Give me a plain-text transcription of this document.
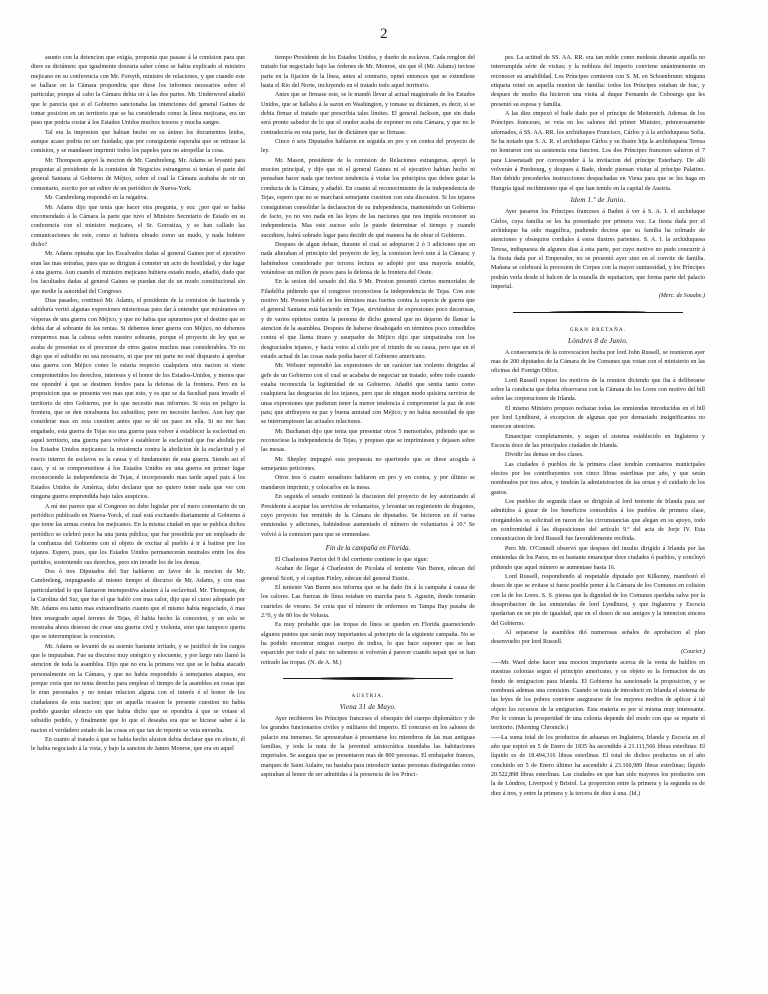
2

asunto con la detencion que exigia, proponia que pasase á la comision para que diere su dictámen: que igualmente desearia saber cómo se habia explicado el ministro mejicano en su conferencia con Mr. Forsyth, ministro de relaciones, y que cuando este se hallase en la Cámara propondria que diese los informes necesarios sobre el particular, porque al cabo la Cámara debia oir á las dos partes. Mr. Underwood añadió que le parecia que si el Gobierno sancionaba las intenciones del general Gaines de tomar posicion en un territorio que se ha considerado como la línea mejicana, era un paso que podria costar á los Estados Unidos muchos tesoros y mucha sangre.

Tal era la impresion que habian hecho en su ánimo los documentos leidos, aunque acaso podria no ser fundada; que por consiguiente esperaba que se retirase la comision, y se mandasen imprimir todos los papeles para no atropellar la cosa.

Mr. Thompson apoyó la mocion de Mr. Cambreleng. Mr. Adams se levantó para preguntar al presidente de la comision de Negocios estrangeros si tenian el parte del general Santana al Gobierno de Méjico, sobre el cual la Cámara acababa de oir un comentario, escrito por un editor de un periódico de Nueva-York.

Mr. Cambreleng respondió en la negativa.

Mr. Adams dijo que tenia que hacer otra pregunta, y era: ¿por qué se habia encomendado á la Cámara la parte que tuvo el Ministro Secretario de Estado en su conferencia con el ministro mejicano, el Sr. Gorostiza, y se han callado las comunicaciones de este, como si hubiera obrado como un mudo, y nada hubiere dicho?

Mr. Adams opinaba que los Escalvados dadas al general Gaines por el ejecutivo eran las mas estrañas, pues que se dirigian á cometer un acto de hostilidad, y dar lugar á una guerra. Aun cuando el ministro mejicano hubiera estado mudo, añadió, dudo que los facultades dadas al general Gaines se puedan dar de un modo constitucional sin que medie la autoridad del Congreso.

Dias pasados, continuó Mr. Adams, el presidente de la comision de hacienda y sabiduría vertió algunas expresiones misteriosas para dar á entender que miráramos en vísperas de una guerra con Méjico, y que no habia que apurarnos por el destino que se debia dar al sobrante de las rentas. Si debemos tener guerra con Méjico, no debemos rompernos mas la cabeza sobre nuestro sobrante, porque el proyecto de ley que se acaba de presentar es el precursor de otros gastos muchos mas considerables. Yo no digo que el subsidio no sea necesario, ni que por mi parte no esté dispuesto á aprobar una guerra con Méjico como lo estaria respecto cualquiera otra nacion si viene comprometidos los derechos, intereses y el honor de los Estados-Unidos, y menos que me opondré á que se destinen fondos para la defensa de la frontera. Pero en la proposicion que se presenta veo mas que esto, y es que se da facultad para invadir el territorio de otro Gobierno, por lo que necesito mas informes. Si esta en peligro la frontera, que se den norabuena los subsidios; pero no necesito hechos. Aun hay que considerar mas en esta cuestion antes que se dé un paso en ella. Si no me han engañado, esta guerra de Tejas era una guerra para volver á establecer la esclavitud en aquel territorio, una guerra para volver á establecer la esclavitud que fue abolida por los Estados Unidos mejicanos: la resistencia contra la abolicion de la esclavitud y el rescio interno de esclavos es la causa y el fundamento de esta guerra. Siendo asi el caso, y si se comprometiese á los Estados Unidos en una guerra en primer lugar reconociendo la independencia de Tejas, é incorporando mas tarde aquel pais á los Estados Unidos de América, debo declarar que no quiero tener nada que ver con ninguna guerra emprendida bajo tales auspicios.

A mí me parece que el Congreso no debe legislar por el mero comentario de un periódico publicado en Nueva-Yorck, el cual está excitando diariamente al Gobierno á que tome las armas contra los mejicanos. En la misma ciudad en que se publica dichos periódico se celebró poco ha una junta pública; que fue presidida por un empleado de la confianza del Gobierno con el objeto de excitar al pueblo á ir á batirse por los tejanos. Espero, pues, que los Estados Unidos permanecerán neutrales entre los dos partidos, sosteniendo sus derechos, pero sin invadir los de los demas.

Dos ó tres Diputados del Sur hablaron en favor de la mocion de Mr. Cambreleng, impugnando al mismo tiempo el discurso de Mr. Adams, y con mas particularidad lo que llamaron intempestiva alusion á la esclavitud. Mr. Thompson, de la Carolina del Sur, que fue el que habló con mas calor, dijo que el curso adoptado por Mr. Adams era tanto mas extraordinario cuanto que el mismo habia negociado, ó mas bien ensegrado aquel terreno de Tejas, él habia hecho la concesion, y un solo se mostraba ahora deseoso de crear una guerra civil y violenta, sino que tampoco queria que se interrumpiese la concesion.

Mr. Adams se levantó de su asiento bastante irritado, y se justificó de los cargos que le imputaban. Fue su discurso muy enérgico y elocuente, y por largo rato llamó la atencion de toda la asamblea. Dijo que no era la primera vez que se le habia atacado personalmente en la Cámara, y que no habia respondido á semejantes ataques, era porque creia que no tenia derecho para emplear el tiempo de la asamblea en cosas que le eran personales y no tenian relacion alguna con el interés é el honor de los ciudadanos de esta nacion; que en aquella ocasion le presente cuestion no habia podido guardar silencio sin que habia dicho que se opondria á que se votase el subsidio pedido, y finalmente que lo que el deseaba era que se hiciese saber á la nacion el verdadero estado de las cosas en que tan de repente se veia envuelta.

En cuanto al tratado á que se habia hecho alusion debia declarar que en efecto, él le habia negociado á la vista, y bajo la sancion de James Monroe, que era en aquel

tiempo Presidente de los Estados Unidos, y dueño de esclavos. Cada renglon del tratado fue negociado bajo las órdenes de Mr. Monroe, sin que él (Mr. Adams) tuviese parte en la fijacion de la línea, antes al contrario, opinó entonces que se extendiese hasta el Rio del Norte, incluyendo en el tratado todo aquel territorio.

Antes que se firmase este, se le mandó llevar al actual magistrado de los Estados Unidos, que se hallaba á la sazon en Washington, y tomase su dictámen, es decir, si se debia firmar el tratado que prescribia tales límites. El general Jackson, que sin duda será pronto sabedor de lo que el orador acaba de exponer en esta Cámara, y que no le contradeciría en esta parte, fue de dictámen que se firmase.

Cinco ó seis Diputados hablaron en seguida en pro y en contra del proyecto de ley.

Mr. Mason, presidente de la comision de Relaciones estrangeras, apoyó la mocion principal, y dijo que ni el general Gaines ni el ejecutivo habian hecho ni pensaban hacer nada que tuviese tendencia á violar los principios que deben guiar la conducta de la Cámara, y añadió. En cuanto al reconocimiento de la independencia de Tejas, espero que no se marchará semejante cuestion con esta discusion. Si los tejanos consiguieran consolidar la declaracion de su independencia, manteniéndo un Gobierno de facto, yo no veo nada en las leyes de las naciones que nos impida reconocer su independencia. Mas este suceso solo le puede determinar el tiempo y cuando sucediere, habrá sobrado lugar para decidir de qué manera ha de obrar el Gobierno.

Despues de algun debate, durante el cual se adoptaron 2 ó 3 adiciones que en nada alteraban el principio del proyecto de ley, la comision levó este á la Cámara; y habiéndose considerado por tercera lectura se adoptó por una mayoría notable, votándose un millon de pesos para la defensa de la frontera del Oeste.

En la sesion del senado del dia 9 Mr. Preston presentó ciertos memoriales de Filadelfia pidiendo que el congreso reconociese la independencia de Tejas. Con este motivo Mr. Preston habló en los términos mas fuertes contra la especie de guerra que el general Santana está haciendo en Tejas, sirviéndose de expresiones poco decorosas, y de varios epítetos contra la persona de dicho general que no dejaron de llamar la atencion de la asamblea. Despues de haberse desahogado en términos poco comedidos contra el que llama tirano y usurpador de Méjico dijo que simpatizaba con los desgraciados tejanos, y hacia votos al cielo por el triunfo de su causa, pero que en el estado actual de las cosas nada podia hacer el Gobierno americano.

Mr. Webster reprendió las expresiones de un carácter tan violento dirigidas al gefe de un Gobierno con el cual se acababa de negociar un tratado, sobre todo cuando estaba reconocida la legitimidad de su Gobierno. Añadió que sentia tanto como cualquiera las desgracias de los tejanos, pero que de ningun modo quisiera servirse de unas expresiones que pudieran tener la menor tendencia á comprometer la paz de este pais; que atribuyera su paz y buena amistad con Méjico; y no habia necesidad de que se interrumpiesen las actuales relaciones.

Mr. Buchanan dijo que tenia que presentar otros 5 memoriales, pidiendo que se reconociese la independencia de Tejas, y propuso que se imprimiesen y dejasen sobre las mesas.

Mr. Shepley impugnó esta propuesta no queriendo que se diese acogida á semejantes peticiones.

Otros tres ó cuatro senadores hablaron en pro y en contra, y por último se mandaron imprimir, y colocarlos en la mesa.

En seguida el senado continuó la discusion del proyecto de ley autorizando al Presidente á aceptar los servicios de voluntarios, y levantar un regimiento de dragones, cuyo proyecto fue remitido de la Cámara de diputados. Se hicieron en él varias enmiendas y adiciones, habiéndose aumentado el número de voluntarios á 10.º Se volvió á la comision para que se enmendase.

Fin de la campaña en Florida.

El Charleston Patriot del 9 del corriente contiene lo que sigue:

Acaban de llegar á Charleston de Picolata el teniente Van Buren, edecan del general Scott, y el capitan Finley, edecan del general Eustin.

El teniente Van Buren nos informa que se ha dado fin á la campaña á causa de los calores. Las fuerzas de línea estaban en marcha para S. Agustin, donde tomarán cuarteles de verano. Se creia que el número de enfermos en Tampa Bay pasaba de 2.º0, y de 80 los de Volusia.

Es muy probable que las tropas de línea se queden en Florida guarneciendo algunos puntos que serán muy importantes al principio de la siguiente campaña. No se ha podido encontrar ningun cuerpo de indios, lo que hace suponer que se han esparcido por todo el pais: no sabemos si volverán á parecer cuando sepan que se han retirado las tropas. (N. de A. M.)

AUSTRIA.
Viena 31 de Mayo.

Ayer recibieron los Príncipes franceses el obsequio del cuerpo diplomático y de los grandes funcionarios civiles y militares del imperio. El concurso en los salones de palacio era inmenso. Se apresuraban á presentarse los miembros de las mas antiguas familias, y toda la nata de la juventud aristocrática inundaba las habitaciones imperiales. Se asegura que se presentaron mas de 800 personas. El embajador frances, marques de Saint Aulaire, no bastaba para introducir tantas personas distinguidas como aspiraban al honor de ser admitidas á la presencia de los Prínci-

pes. La actitud de SS. AA. RR. era tan noble como modesta durante aquella no interrumpida série de visitas; y la nobleza del imperio conviene unánimemente en reconocer su amabilidad. Los Príncipes comieron con S. M. en Schoenbrunn: ninguna etiqueta reinó en aquella reunion de familia: todos los Príncipes estaban de frac, y despues de medio dia hicieron una visita al duque Fernando de Cobourgo que les presentó su esposa y familia.

A las diez empezó el baile dado por el príncipe de Metternich. Ademas de los Príncipes franceses, se veia en los salones del primer Ministro, primorosamente adornados, á SS. AA. RR. los archiduques Francisco, Cárlos y á la archiduquesa Sofia. Se ha notado que S. A. R. el archiduque Cárlos y su ilustre hija la archiduquesa Teresa no honraron con su asistencia esta funcion. Los dos Príncipes franceses salieron el 7 para Liesenstadt por corresponder á la invitacion del príncipe Esterhazy. De allí volverán á Presbourg, y despues á Bade, donde piensan visitar al príncipe Palatino. Han debido precederles instrucciones despachadas en Viena para que se les haga en Hungría igual recibimiento que el que han tenido en la capital de Austria.

Idem 1.º de Junio.

Ayer pasaron los Príncipes franceses á Baden á ver á S. A. I. el archiduque Cárlos, cuya familia se les ha presentado por primera vez. La fiesta dada por el archiduque ha sido magnífica, pudiendo decirse que su familia ha colmado de atenciones y obsequios cordiales á estos ilustres parientes. S. A. I. la archiduquesa Teresa, indispuesta de algunos dias á esta parte, por cuyo motivo no pudo concurrir á la fiesta dada por el Emperador, no se presentó ayer sino en el convite de familia. Mañana se celebrará la procesion de Corpus con la mayor suntuosidad, y los Príncipes podrán verla desde el balcon de la muralla de equitacion, que forma parte del palacio imperial.

(Merc. de Souabe.)
GRAN BRETAÑA.
Lóndres 8 de Junio.

A consecuencia de la convocacion hecha por lord John Russell, se reunieron ayer mas de 200 diputados de la Cámara de los Comunes que votan con el ministerio en las oficinas del Foreign Office.

Lord Russell expuso los motivos de la reunion diciendo que iba á deliberarse sobre la conducta que debia observarse con la Cámara de los Lores con motivo del bill sobre las corporaciones de Irlanda.

El mismo Ministro propuso rechazar todas las enmiendas introducidas en el bill por lord Lyndhurst, á excepcion de algunas que por demasiado insignificantes no merecen atencion.

Emancipar completamente, y segun el sistema establecido en Inglaterra y Escocia doce de las principales ciudades de Irlanda.

Dividir las demas en dos clases.

Las ciudades ó pueblos de la primera clase tendrán comisarios municipales electos por los contribuyentes con cinco libras esterlinas por año, y que serán nombrados por tres años, y tendrán la administracion de las ornas y el cuidado de los gastos.

Los pueblos de segunda clase se dirigirán al lord teniente de Irlanda para ser admitidos á gozar de los beneficios concedidos á los pueblos de primera clase, otorgándoles su solicitud en razon de las circunstancias que alegan en su apoyo, todo en conformidad á las disposiciones del artículo 9.º del acta de Jorje IV. Esta comunicacion de lord Russell fue favorablemente recibida.

Pero Mr. O'Connell observó que despues del insulto dirigido á Irlanda por las enmiendas de los Pares, no es bastante emancipar doce ciudades ó pueblos, y concluyó pidiendo que aquel número se aumentase hasta 16.

Lord Russell, respondiendo al respetable diputado por Kilkenny, manifestó el deseo de que se evitase si fuese posible poner á la Cámara de los Comunes en colision con la de los Lores. S. S. piensa que la dignidad de los Comunes quedaba salva por la desaprobacion de las enmiendas de lord Lyndhurst, y que Inglaterra y Escocia quedarian en un pie de igualdad, que en el deseo de sus amigos y la intencion sincera del Gobierno.

Al separarse la asamblea dió numerosas señales de aprobacion al plan desenvuelto por lord Russell.

(Courier.)

—— Mr. Ward debe hacer una mocion importante acerca de la venta de baldios en nuestras colonias segun el principio americano, y su objeto es la formacion de un fondo de emigracion para Irlanda. El Gobierno ha sancionado la proposicion, y se nombrará ademas una comision. Cuando se trata de introducir en Irlanda el sistema de las leyes de los pobres conviene asegurarse de los mejores medios de aplicar á tal objeto los recursos de la emigracion. Esta materia es por sí misma muy interesante. Por lo comun la prosperidad de una colonia depende del modo con que se reparte el territorio. (Morning Chronicle.)

—— La suma total de los productos de aduanas en Inglaterra, Irlanda y Escocia en el año que espiró en 5 de Enero de 1835 ha ascendido á 21.111,566 libras esterlinas. El líquido es de 18.494,316 libras esterlinas. El total de dichos productos en el año concluido en 5 de Enero último ha ascendido á 23.160,989 libras esterlinas; líquido 20.522,898 libras esterlinas. Las ciudades en que han sido mayores los productos son la de Lóndres, Liverpool y Bristol. La proporcion entre la primera y la segunda es de diez á tres, y entre la primera y la tercera de diez á una. (Id.)
